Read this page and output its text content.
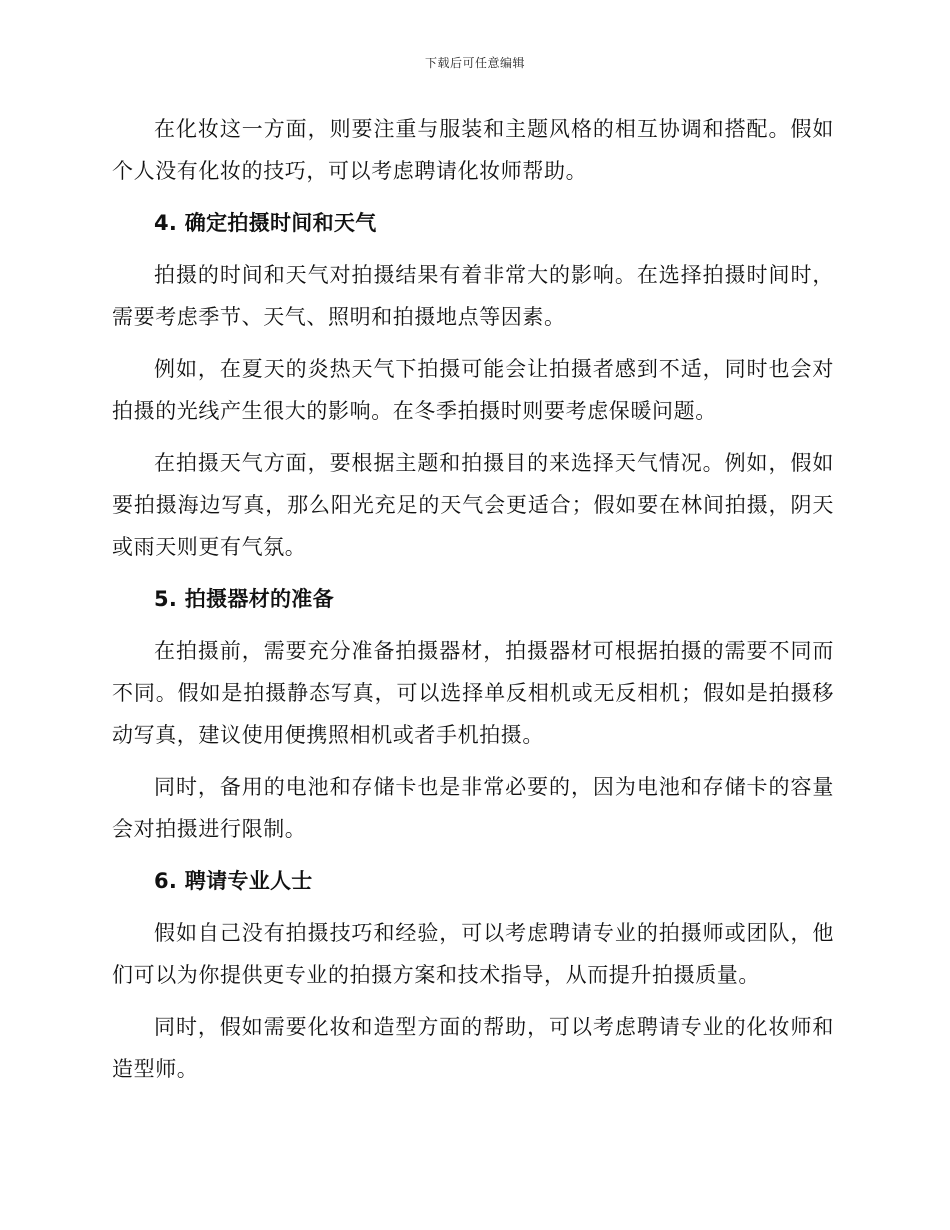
下载后可任意编辑

在化妆这一方面，则要注重与服装和主题风格的相互协调和搭配。假如个人没有化妆的技巧，可以考虑聘请化妆师帮助。

4. 确定拍摄时间和天气

拍摄的时间和天气对拍摄结果有着非常大的影响。在选择拍摄时间时，需要考虑季节、天气、照明和拍摄地点等因素。

例如，在夏天的炎热天气下拍摄可能会让拍摄者感到不适，同时也会对拍摄的光线产生很大的影响。在冬季拍摄时则要考虑保暖问题。

在拍摄天气方面，要根据主题和拍摄目的来选择天气情况。例如，假如要拍摄海边写真，那么阳光充足的天气会更适合；假如要在林间拍摄，阴天或雨天则更有气氛。

5. 拍摄器材的准备

在拍摄前，需要充分准备拍摄器材，拍摄器材可根据拍摄的需要不同而不同。假如是拍摄静态写真，可以选择单反相机或无反相机；假如是拍摄移动写真，建议使用便携照相机或者手机拍摄。

同时，备用的电池和存储卡也是非常必要的，因为电池和存储卡的容量会对拍摄进行限制。

6. 聘请专业人士

假如自己没有拍摄技巧和经验，可以考虑聘请专业的拍摄师或团队，他们可以为你提供更专业的拍摄方案和技术指导，从而提升拍摄质量。

同时，假如需要化妆和造型方面的帮助，可以考虑聘请专业的化妆师和造型师。
